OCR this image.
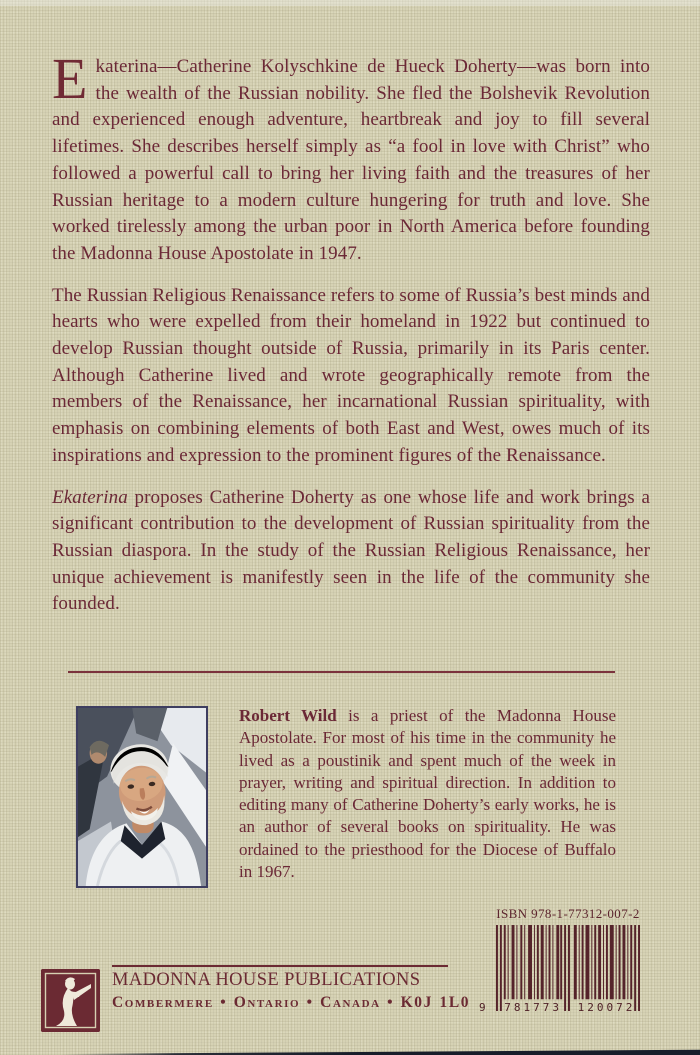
Ekaterina—Catherine Kolyschkine de Hueck Doherty—was born into the wealth of the Russian nobility. She fled the Bolshevik Revolution and experienced enough adventure, heartbreak and joy to fill several lifetimes. She describes herself simply as “a fool in love with Christ” who followed a powerful call to bring her living faith and the treasures of her Russian heritage to a modern culture hungering for truth and love. She worked tirelessly among the urban poor in North America before founding the Madonna House Apostolate in 1947.

The Russian Religious Renaissance refers to some of Russia’s best minds and hearts who were expelled from their homeland in 1922 but continued to develop Russian thought outside of Russia, primarily in its Paris center. Although Catherine lived and wrote geographically remote from the members of the Renaissance, her incarnational Russian spirituality, with emphasis on combining elements of both East and West, owes much of its inspirations and expression to the prominent figures of the Renaissance.

Ekaterina proposes Catherine Doherty as one whose life and work brings a significant contribution to the development of Russian spirituality from the Russian diaspora. In the study of the Russian Religious Renaissance, her unique achievement is manifestly seen in the life of the community she founded.

Robert Wild is a priest of the Madonna House Apostolate. For most of his time in the community he lived as a poustinik and spent much of the week in prayer, writing and spiritual direction. In addition to editing many of Catherine Doherty’s early works, he is an author of several books on spirituality. He was ordained to the priesthood for the Diocese of Buffalo in 1967.

ISBN 978-1-77312-007-2
9 781773 120072
MADONNA HOUSE PUBLICATIONS
Combermere • Ontario • Canada • K0J 1L0
